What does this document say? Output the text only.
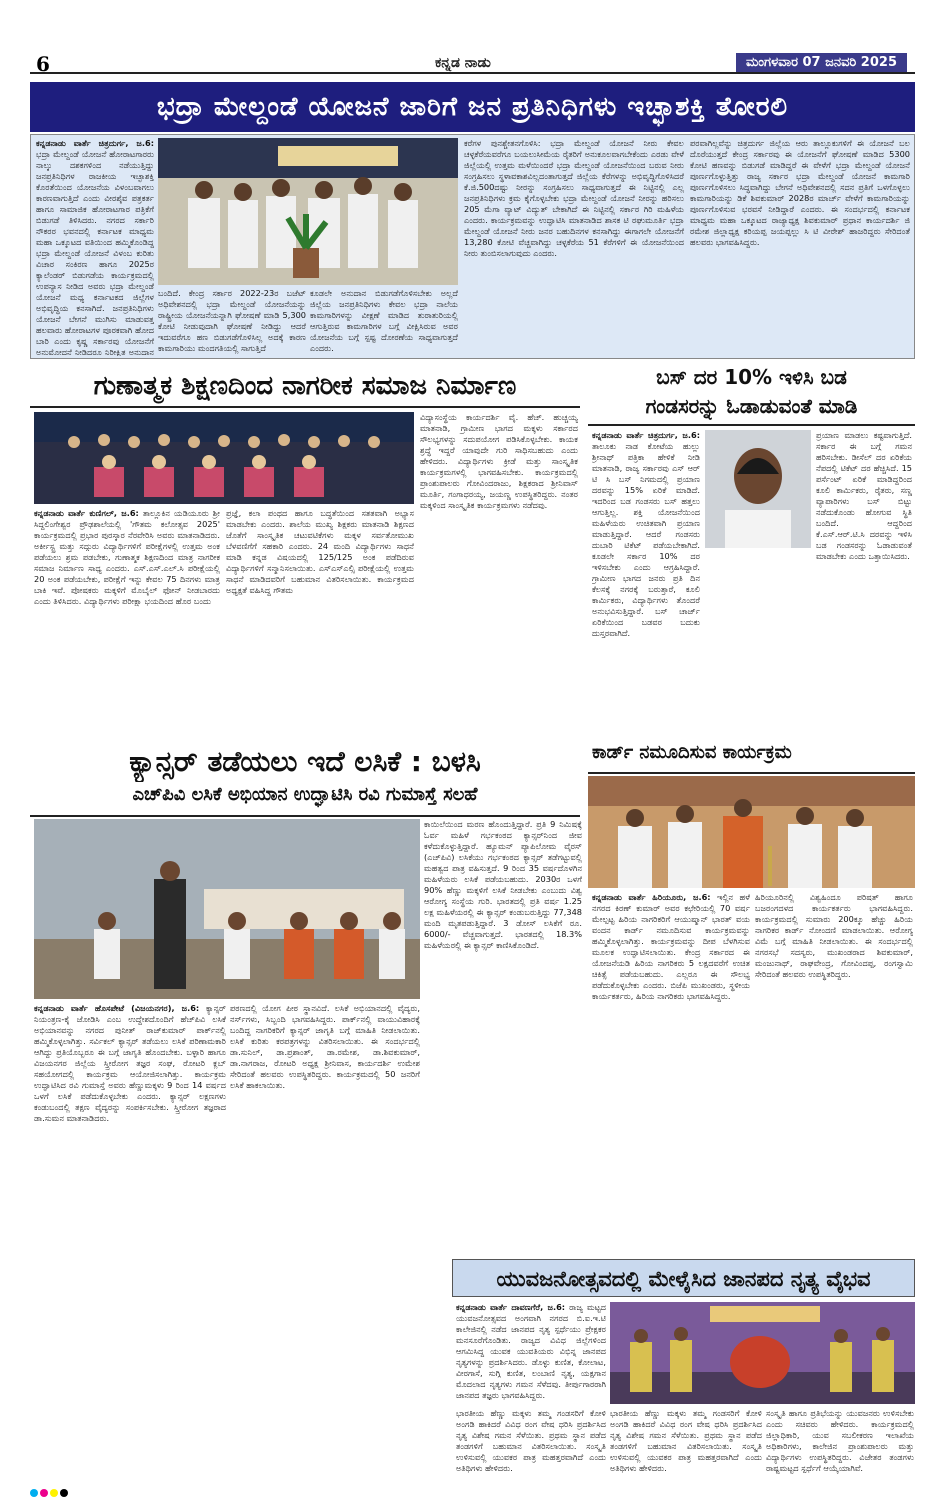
6	ಕನ್ನಡ ನಾಡು	ಮಂಗಳವಾರ 07 ಜನವರಿ 2025
ಭದ್ರಾ ಮೇಲ್ದಂಡೆ ಯೋಜನೆ ಜಾರಿಗೆ ಜನ ಪ್ರತಿನಿಧಿಗಳು ಇಚ್ಛಾಶಕ್ತಿ ತೋರಲಿ
ಕನ್ನಡನಾಡು ವಾರ್ತೆ ಚಿತ್ರದುರ್ಗ, ಜ.6: ಭದ್ರಾ ಮೇಲ್ದಂಡೆ ಯೋಜನೆ ಹೋರಾಟಗಾರರು ನಾಲ್ಕು ದಶಕಗಳಿಂದ ನಡೆಯುತ್ತಿದ್ದು ಜನಪ್ರತಿನಿಧಿಗಳ ರಾಜಕೀಯ ಇಚ್ಛಾಶಕ್ತಿ ಕೊರತೆಯಿಂದ ಯೋಜನೆಯ ವಿಳಂಬವಾಗಲು ಕಾರಣವಾಗುತ್ತಿದೆ ಎಂದು ವೀರಶೈವ ಪತ್ರಕರ್ತ ಹಾಗೂ ಸಾಮಾಜಿಕ ಹೋರಾಟಗಾರ ಪತ್ರಿಕೆಗೆ ಬಿಡುಗಡೆ ತಿಳಿಸಿದರು. ನಗರದ ಸರ್ಕಾರಿ ನೌಕರರ ಭವನದಲ್ಲಿ ಕರ್ನಾಟಕ ಮಾಧ್ಯಮ ಮಹಾ ಒಕ್ಕೂಟದ ವತಿಯಿಂದ ಹಮ್ಮಿಕೊಂಡಿದ್ದ ಭದ್ರಾ ಮೇಲ್ದಂಡೆ ಯೋಜನೆ ವಿಳಂಬ ಕುರಿತು ವಿಚಾರ ಸಂಕಿರಣ ಹಾಗೂ 2025ರ ಕ್ಯಾಲೆಂಡರ್ ಬಿಡುಗಡೆಯ ಕಾರ್ಯಕ್ರಮದಲ್ಲಿ ಉಪನ್ಯಾಸ ನೀಡಿದ ಅವರು ಭದ್ರಾ ಮೇಲ್ದಂಡೆ ಯೋಜನೆ ಮಧ್ಯ ಕರ್ನಾಟಕದ ಜಿಲ್ಲೆಗಳ ಅಭಿವೃದ್ಧಿಯ ಕನಸಾಗಿದೆ. ಜನಪ್ರತಿನಿಧಿಗಳು ಯೋಜನೆ ಬೇಗನೆ ಮುಗಿಸು ಮಾಡುವತ್ತ ಹಲವಾರು ಹೋರಾಟಗಳ ಪೂರಕವಾಗಿ ಹೋದ ಬಾರಿ ಎಂದು ಕೃಷ್ಣ ಸರ್ಕಾರವು ಯೋಜನೆಗೆ ಅನುಮೋದನೆ ನೀಡಿದರೂ ನಿರೀಕ್ಷಿತ ಅನುದಾನ
ಬಂದಿದೆ. ಕೇಂದ್ರ ಸರ್ಕಾರ 2022-23ರ ಬಜೆಟ್ ಅಧಿವೇಶನದಲ್ಲಿ ಭದ್ರಾ ಮೇಲ್ದಂಡೆ ಯೋಜನೆಯನ್ನು ರಾಷ್ಟ್ರೀಯ ಯೋಜನೆಯನ್ನಾಗಿ ಘೋಷಣೆ ಮಾಡಿ 5,300 ಕೋಟಿ ನೀಡುವುದಾಗಿ ಘೋಷಣೆ ನೀಡಿದ್ದು ಆದರೆ ಇದುವರೆಗೂ ಹಣ ಬಿಡುಗಡೆಗೊಳಿಸಿಲ್ಲ ಅದಕ್ಕೆ ಕಾರಣ ಕಾಮಗಾರಿಯು ಮಂದಗತಿಯಲ್ಲಿ ಸಾಗುತ್ತಿದೆ
ಕೂಡಲೇ ಅನುದಾನ ಬಿಡುಗಡೆಗೊಳಿಸಬೇಕು ಅಲ್ಲದೆ ಜಿಲ್ಲೆಯ ಜನಪ್ರತಿನಿಧಿಗಳು ಕೇವಲ ಭದ್ರಾ ನಾಲೆಯ ಕಾಮಗಾರಿಗಳನ್ನು ವೀಕ್ಷಣೆ ಮಾಡಿದ ತುರಾತುರಿಯಲ್ಲಿ ಆಗುತ್ತಿರುವ ಕಾಮಗಾರಿಗಳ ಬಗ್ಗೆ ವೀಕ್ಷಿಸಿರುವ ಅವರ ಯೋಜನೆಯ ಬಗ್ಗೆ ಸ್ಪಷ್ಟ ದೋರಣೆಯ ಸಾಧ್ಯವಾಗುತ್ತದೆ ಎಂದರು.
ಕರೆಗಳ ಪುನಶ್ಚೇತನಗೊಳಿಸಿ: ಭದ್ರಾ ಮೇಲ್ದಂಡೆ ಯೋಜನೆ ನೀರು ಕೇವಲ ಚಳ್ಳಕೆರೆಯವರೆಗೂ ಬಯಲುಸೀಮೆಯ ರೈತರಿಗೆ ಅನುಕೂಲವಾಗಬೇಕೆಂದು ಎರಡು ವೇಳೆ ಜಿಲ್ಲೆಯಲ್ಲಿ ಉತ್ತಮ ಮಳೆಯಿಂದರೆ ಭದ್ರಾ ಮೇಲ್ದಂಡೆ ಯೋಜನೆಯಿಂದ ಬರುವ ನೀರು ಸಂಗ್ರಹಿಸಲು ಸ್ಥಳಾವಕಾಶವಿಲ್ಲದಂತಾಗುತ್ತದೆ ಜಿಲ್ಲೆಯ ಕೆರೆಗಳನ್ನು ಅಭಿವೃದ್ಧಿಗೊಳಿಸಿದರೆ ಕೆ.ಜಿ.500ದಷ್ಟು ನೀರನ್ನು ಸಂಗ್ರಹಿಸಲು ಸಾಧ್ಯವಾಗುತ್ತದೆ ಈ ನಿಟ್ಟಿನಲ್ಲಿ ಎಲ್ಲ ಜನಪ್ರತಿನಿಧಿಗಳು ಕ್ರಮ ಕೈಗೊಳ್ಳಬೇಕು ಭದ್ರಾ ಮೇಲ್ದಂಡೆ ಯೋಜನೆ ನೀರನ್ನು ಹರಿಸಲು 205 ಮೆಗಾ ವ್ಯಾಟ್ ವಿದ್ಯುತ್ ಬೇಕಾಗಿದೆ ಈ ನಿಟ್ಟಿನಲ್ಲಿ ಸರ್ಕಾರ ಗಿರಿ ಮಹಿಳೆಯ ಎಂದರು. ಕಾರ್ಯಕ್ರಮವನ್ನು ಉದ್ಘಾಟಿಸಿ ಮಾತನಾಡಿದ ಶಾಸಕ ಟಿ ರಘುಮೂರ್ತಿ ಭದ್ರಾ ಮೇಲ್ದಂಡೆ ಯೋಜನೆ ನೀರು ಜನರ ಬಹುದಿನಗಳ ಕನಸಾಗಿದ್ದು ಈಗಾಗಲೇ ಯೋಜನೆಗೆ 13,280 ಕೋಟಿ ವೆಚ್ಚವಾಗಿದ್ದು ಚಳ್ಳಕೆರೆಯ 51 ಕೆರೆಗಳಿಗೆ ಈ ಯೋಜನೆಯಿಂದ ನೀರು ತುಂಬಿಸಲಾಗುವುದು ಎಂದರು.
ಪರವಾಗಿಲ್ಲವೆನ್ನು ಚಿತ್ರದುರ್ಗ ಜಿಲ್ಲೆಯ ಆರು ತಾಲ್ಲೂಕುಗಳಿಗೆ ಈ ಯೋಜನೆ ಬಲ ದೊರೆಯುತ್ತದೆ ಕೇಂದ್ರ ಸರ್ಕಾರವು ಈ ಯೋಜನೆಗೆ ಘೋಷಣೆ ಮಾಡಿದ 5300 ಕೋಟಿ ಹಣವನ್ನು ಬಿಡುಗಡೆ ಮಾಡಿದ್ದರೆ ಈ ವೇಳೆಗೆ ಭದ್ರಾ ಮೇಲ್ದಂಡೆ ಯೋಜನೆ ಪೂರ್ಣಗೊಳ್ಳುತ್ತಿತ್ತು ರಾಜ್ಯ ಸರ್ಕಾರ ಭದ್ರಾ ಮೇಲ್ದಂಡೆ ಯೋಜನೆ ಕಾಮಗಾರಿ ಪೂರ್ಣಗೊಳಿಸಲು ಸಿದ್ಧವಾಗಿದ್ದು ಬೇಗನೆ ಅಧಿವೇಶನದಲ್ಲಿ ಸದನ ಪ್ರತಿಗೆ ಒಳಗೊಳ್ಳಲು ಕಾಮಗಾರಿಯನ್ನು ಡಿಕೆ ಶಿವಕುಮಾರ್ 2028ರ ಮಾರ್ಚ್ ವೇಳೆಗೆ ಕಾಮಗಾರಿಯನ್ನು ಪೂರ್ಣಗೊಳಿಸುವ ಭರವಸೆ ನೀಡಿದ್ದಾರೆ ಎಂದರು. ಈ ಸಂದರ್ಭದಲ್ಲಿ ಕರ್ನಾಟಕ ಮಾಧ್ಯಮ ಮಹಾ ಒಕ್ಕೂಟದ ರಾಜ್ಯಾಧ್ಯಕ್ಷ ಶಿವಕುಮಾರ್ ಪ್ರಧಾನ ಕಾರ್ಯದರ್ಶಿ ಜಿ ರಮೇಶ ಜಿಲ್ಲಾಧ್ಯಕ್ಷ ಕರಿಯಪ್ಪ ಜಯಪ್ಪಲ್ಲು ಸಿ ಟಿ ವೀರೇಶ್ ಹಾಜರಿದ್ದರು ಸೇರಿದಂತೆ ಹಲವರು ಭಾಗವಹಿಸಿದ್ದರು.
ಗುಣಾತ್ಮಕ ಶಿಕ್ಷಣದಿಂದ ನಾಗರೀಕ ಸಮಾಜ ನಿರ್ಮಾಣ
ಕನ್ನಡನಾಡು ವಾರ್ತೆ ಕುಣಿಗಲ್, ಜ.6: ತಾಲ್ಲೂಕಿನ ಯಡಿಯೂರು ಶ್ರೀ ಸಿದ್ದಲಿಂಗೇಶ್ವರ ಪ್ರೌಢಶಾಲೆಯಲ್ಲಿ 'ಗೌತಮ ಕಲೋತ್ಸವ 2025' ಕಾರ್ಯಕ್ರಮದಲ್ಲಿ ಪ್ರಭಾರ ಪುರಸ್ಕಾರ ನೆರವೇರಿಸಿ ಅವರು ಮಾತನಾಡಿದರು. ಅರ್ಕೀಸ್ಟ್ರ ಮತ್ತು ಸದ್ಗುರು ವಿದ್ಯಾರ್ಥಿಗಳಿಗೆ ಪರೀಕ್ಷೆಗಳಲ್ಲಿ ಉತ್ತಮ ಅಂಕ ಪಡೆಯಲು ಶ್ರಮ ಪಡಬೇಕು, ಗುಣಾತ್ಮಕ ಶಿಕ್ಷಣದಿಂದ ಮಾತ್ರ ನಾಗರೀಕ ಸಮಾಜ ನಿರ್ಮಾಣ ಸಾಧ್ಯ ಎಂದರು. ಎಸ್.ಎಸ್.ಎಲ್.ಸಿ ಪರೀಕ್ಷೆಯಲ್ಲಿ 20 ಅಂಕ ಪಡೆಯಬೇಕು, ಪರೀಕ್ಷೆಗೆ ಇನ್ನು ಕೇವಲ 75 ದಿನಗಳು ಮಾತ್ರ ಬಾಕಿ ಇವೆ. ಪೋಷಕರು ಮಕ್ಕಳಿಗೆ ಮೊಬೈಲ್ ಫೋನ್ ನೀಡಬಾರದು ಎಂದು ತಿಳಿಸಿದರು. ವಿದ್ಯಾರ್ಥಿಗಳು ಪರೀಕ್ಷಾ ಭಯದಿಂದ ಹೊರ ಬಂದು
ಪ್ರಜ್ಞೆ, ಕಲಾ ಪಂಥದ ಹಾಗೂ ಬದ್ಧತೆಯಿಂದ ಸತತವಾಗಿ ಅಭ್ಯಾಸ ಮಾಡಬೇಕು ಎಂದರು. ಶಾಲೆಯ ಮುಖ್ಯ ಶಿಕ್ಷಕರು ಮಾತನಾಡಿ ಶಿಕ್ಷಣದ ಜೊತೆಗೆ ಸಾಂಸ್ಕೃತಿಕ ಚಟುವಟಿಕೆಗಳು ಮಕ್ಕಳ ಸರ್ವತೋಮುಖ ಬೆಳವಣಿಗೆಗೆ ಸಹಕಾರಿ ಎಂದರು. 24 ಮಂದಿ ವಿದ್ಯಾರ್ಥಿಗಳು ಸಾಧನೆ ಮಾಡಿ ಕನ್ನಡ ವಿಷಯದಲ್ಲಿ 125/125 ಅಂಕ ಪಡೆದಿರುವ ವಿದ್ಯಾರ್ಥಿಗಳಿಗೆ ಸನ್ಮಾನಿಸಲಾಯಿತು. ಎಸ್ಎಸ್ಎಲ್ಸಿ ಪರೀಕ್ಷೆಯಲ್ಲಿ ಉತ್ತಮ ಸಾಧನೆ ಮಾಡಿದವರಿಗೆ ಬಹುಮಾನ ವಿತರಿಸಲಾಯಿತು. ಕಾರ್ಯಕ್ರಮದ ಅಧ್ಯಕ್ಷತೆ ವಹಿಸಿದ್ದ ಗೌತಮ
ವಿದ್ಯಾಸಂಸ್ಥೆಯ ಕಾರ್ಯದರ್ಶಿ ವೈ. ಹೆಚ್. ಹುಚ್ಚಯ್ಯ ಮಾತನಾಡಿ, ಗ್ರಾಮೀಣ ಭಾಗದ ಮಕ್ಕಳು ಸರ್ಕಾರದ ಸೌಲಭ್ಯಗಳನ್ನು ಸದುಪಯೋಗ ಪಡಿಸಿಕೊಳ್ಳಬೇಕು. ಕಾಯಕ ಶ್ರದ್ಧೆ ಇದ್ದರೆ ಯಾವುದೇ ಗುರಿ ಸಾಧಿಸಬಹುದು ಎಂದು ಹೇಳಿದರು. ವಿದ್ಯಾರ್ಥಿಗಳು ಕ್ರೀಡೆ ಮತ್ತು ಸಾಂಸ್ಕೃತಿಕ ಕಾರ್ಯಕ್ರಮಗಳಲ್ಲಿ ಭಾಗವಹಿಸಬೇಕು. ಕಾರ್ಯಕ್ರಮದಲ್ಲಿ ಪ್ರಾಂಶುಪಾಲರು ಗೋವಿಂದರಾಜು, ಶಿಕ್ಷಕರಾದ ಶ್ರೀನಿವಾಸ್ ಮೂರ್ತಿ, ಗಂಗಾಧರಯ್ಯ, ಜಯಣ್ಣ ಉಪಸ್ಥಿತರಿದ್ದರು. ನಂತರ ಮಕ್ಕಳಿಂದ ಸಾಂಸ್ಕೃತಿಕ ಕಾರ್ಯಕ್ರಮಗಳು ನಡೆದವು.
ಬಸ್ ದರ 10% ಇಳಿಸಿ ಬಡ
ಗಂಡಸರನ್ನು ಓಡಾಡುವಂತೆ ಮಾಡಿ
ಕನ್ನಡನಾಡು ವಾರ್ತೆ ಚಿತ್ರದುರ್ಗ, ಜ.6: ತಾಲೂಕು ನಾಡ ಕೋಟೆಯ ಹುಲ್ಲು ಶ್ರೀನಾಥ್ ಪತ್ರಿಕಾ ಹೇಳಿಕೆ ನೀಡಿ ಮಾತನಾಡಿ, ರಾಜ್ಯ ಸರ್ಕಾರವು ಎಸ್ ಆರ್ ಟಿ ಸಿ ಬಸ್ ನಿಗಮದಲ್ಲಿ ಪ್ರಯಾಣ ದರವನ್ನು 15% ಏರಿಕೆ ಮಾಡಿದೆ. ಇದರಿಂದ ಬಡ ಗಂಡಸರು ಬಸ್ ಹತ್ತಲು ಆಗುತ್ತಿಲ್ಲ. ಶಕ್ತಿ ಯೋಜನೆಯಿಂದ ಮಹಿಳೆಯರು ಉಚಿತವಾಗಿ ಪ್ರಯಾಣ ಮಾಡುತ್ತಿದ್ದಾರೆ. ಆದರೆ ಗಂಡಸರು ದುಬಾರಿ ಟಿಕೆಟ್ ಪಡೆಯಬೇಕಾಗಿದೆ. ಕೂಡಲೇ ಸರ್ಕಾರ 10% ದರ ಇಳಿಸಬೇಕು ಎಂದು ಆಗ್ರಹಿಸಿದ್ದಾರೆ. ಗ್ರಾಮೀಣ ಭಾಗದ ಜನರು ಪ್ರತಿ ದಿನ ಕೆಲಸಕ್ಕೆ ನಗರಕ್ಕೆ ಬರುತ್ತಾರೆ, ಕೂಲಿ ಕಾರ್ಮಿಕರು, ವಿದ್ಯಾರ್ಥಿಗಳು ತೊಂದರೆ ಅನುಭವಿಸುತ್ತಿದ್ದಾರೆ. ಬಸ್ ಚಾರ್ಜ್ ಏರಿಕೆಯಿಂದ ಬಡವರ ಬದುಕು ದುಸ್ತರವಾಗಿದೆ.
ಪ್ರಯಾಣ ಮಾಡಲು ಕಷ್ಟವಾಗುತ್ತಿದೆ. ಸರ್ಕಾರ ಈ ಬಗ್ಗೆ ಗಮನ ಹರಿಸಬೇಕು. ಡೀಸೆಲ್ ದರ ಏರಿಕೆಯ ನೆಪದಲ್ಲಿ ಟಿಕೆಟ್ ದರ ಹೆಚ್ಚಿಸಿದೆ. 15 ಪರ್ಸೆಂಟ್ ಏರಿಕೆ ಮಾಡಿದ್ದರಿಂದ ಕೂಲಿ ಕಾರ್ಮಿಕರು, ರೈತರು, ಸಣ್ಣ ವ್ಯಾಪಾರಿಗಳು ಬಸ್ ಬಿಟ್ಟು ನಡೆದುಕೊಂಡು ಹೋಗುವ ಸ್ಥಿತಿ ಬಂದಿದೆ. ಆದ್ದರಿಂದ ಕೆ.ಎಸ್.ಆರ್.ಟಿ.ಸಿ ದರವನ್ನು ಇಳಿಸಿ ಬಡ ಗಂಡಸರನ್ನು ಓಡಾಡುವಂತೆ ಮಾಡಬೇಕು ಎಂದು ಒತ್ತಾಯಿಸಿದರು.
ಕಾರ್ಡ್ ನಮೂದಿಸುವ ಕಾರ್ಯಕ್ರಮ
ಕನ್ನಡನಾಡು ವಾರ್ತೆ ಹಿರಿಯೂರು, ಜ.6: ಇಲ್ಲಿನ ಹಳೆ ನಗರದ ಕಿರಣ್ ಕುಮಾರ್ ಅವರ ಕಛೇರಿಯಲ್ಲಿ 70 ವರ್ಷ ಮೇಲ್ಪಟ್ಟ ಹಿರಿಯ ನಾಗರಿಕರಿಗೆ ಆಯುಷ್ಮಾನ್ ಭಾರತ್ ವಯ ವಂದನ ಕಾರ್ಡ್ ನಮೂದಿಸುವ ಕಾರ್ಯಕ್ರಮವನ್ನು ಹಮ್ಮಿಕೊಳ್ಳಲಾಗಿತ್ತು. ಕಾರ್ಯಕ್ರಮವನ್ನು ದೀಪ ಬೆಳಗಿಸುವ ಮೂಲಕ ಉದ್ಘಾಟಿಸಲಾಯಿತು. ಕೇಂದ್ರ ಸರ್ಕಾರದ ಈ ಯೋಜನೆಯಡಿ ಹಿರಿಯ ನಾಗರಿಕರು 5 ಲಕ್ಷದವರೆಗೆ ಉಚಿತ ಚಿಕಿತ್ಸೆ ಪಡೆಯಬಹುದು. ಎಲ್ಲರೂ ಈ ಸೌಲಭ್ಯ ಪಡೆದುಕೊಳ್ಳಬೇಕು ಎಂದರು. ಬಿಜೆಪಿ ಮುಖಂಡರು, ಸ್ಥಳೀಯ ಕಾರ್ಯಕರ್ತರು, ಹಿರಿಯ ನಾಗರಿಕರು ಭಾಗವಹಿಸಿದ್ದರು.
ಹಿರಿಯೂರಿನಲ್ಲಿ ವಿಶ್ವಹಿಂದೂ ಪರಿಷತ್ ಹಾಗೂ ಬಜರಂಗದಳದ ಕಾರ್ಯಕರ್ತರು ಭಾಗವಹಿಸಿದ್ದರು. ಕಾರ್ಯಕ್ರಮದಲ್ಲಿ ಸುಮಾರು 200ಕ್ಕೂ ಹೆಚ್ಚು ಹಿರಿಯ ನಾಗರಿಕರ ಕಾರ್ಡ್ ನೋಂದಣಿ ಮಾಡಲಾಯಿತು. ಆರೋಗ್ಯ ವಿಮೆ ಬಗ್ಗೆ ಮಾಹಿತಿ ನೀಡಲಾಯಿತು. ಈ ಸಂದರ್ಭದಲ್ಲಿ ನಗರಸಭೆ ಸದಸ್ಯರು, ಮುಖಂಡರಾದ ಶಿವಕುಮಾರ್, ಮಂಜುನಾಥ್, ರಾಘವೇಂದ್ರ, ಗೋವಿಂದಪ್ಪ, ರಂಗಸ್ವಾಮಿ ಸೇರಿದಂತೆ ಹಲವರು ಉಪಸ್ಥಿತರಿದ್ದರು.
ಕ್ಯಾನ್ಸರ್ ತಡೆಯಲು ಇದೆ ಲಸಿಕೆ : ಬಳಸಿ
ಎಚ್‌ಪಿವಿ ಲಸಿಕೆ ಅಭಿಯಾನ ಉದ್ಘಾಟಿಸಿ ರವಿ ಗುಮಾಸ್ತೆ ಸಲಹೆ
ಕನ್ನಡನಾಡು ವಾರ್ತೆ ಹೊಸಪೇಟೆ (ವಿಜಯನಗರ), ಜ.6: ಕ್ಯಾನ್ಸರ್ ನಿಯಂತ್ರಣ-ಕೈ ಜೋಡಿಸಿ ಎಂಬ ಉದ್ದೇಶದೊಂದಿಗೆ ಹೆಚ್‌ಪಿವಿ ಲಸಿಕೆ ಅಭಿಯಾನವನ್ನು ನಗರದ ಪುನೀತ್ ರಾಜ್‌ಕುಮಾರ್ ಪಾರ್ಕ್‌ನಲ್ಲಿ ಹಮ್ಮಿಕೊಳ್ಳಲಾಗಿತ್ತು. ಸರ್ವಿಕಲ್ ಕ್ಯಾನ್ಸರ್ ತಡೆಯಲು ಲಸಿಕೆ ಪರಿಣಾಮಕಾರಿ ಆಗಿದ್ದು ಪ್ರತಿಯೊಬ್ಬರೂ ಈ ಬಗ್ಗೆ ಜಾಗೃತಿ ಹೊಂದಬೇಕು. ಬಳ್ಳಾರಿ ಹಾಗೂ ವಿಜಯನಗರ ಜಿಲ್ಲೆಯ ಸ್ತ್ರೀರೋಗ ತಜ್ಞರ ಸಂಘ, ರೋಟರಿ ಕ್ಲಬ್ ಸಹಯೋಗದಲ್ಲಿ ಕಾರ್ಯಕ್ರಮ ಆಯೋಜಿಸಲಾಗಿತ್ತು. ಕಾರ್ಯಕ್ರಮ ಉದ್ಘಾಟಿಸಿದ ರವಿ ಗುಮಾಸ್ತೆ ಅವರು ಹೆಣ್ಣುಮಕ್ಕಳು 9 ರಿಂದ 14 ವರ್ಷದ ಒಳಗೆ ಲಸಿಕೆ ಪಡೆದುಕೊಳ್ಳಬೇಕು ಎಂದರು. ಕ್ಯಾನ್ಸರ್ ಲಕ್ಷಣಗಳು ಕಂಡುಬಂದಲ್ಲಿ ತಕ್ಷಣ ವೈದ್ಯರನ್ನು ಸಂಪರ್ಕಿಸಬೇಕು. ಸ್ತ್ರೀರೋಗ ತಜ್ಞರಾದ ಡಾ.ಸುಮನ ಮಾತನಾಡಿದರು.
ಪಠಣದಲ್ಲಿ ಯೋಗ ಪೀಠ ಸ್ಥಾನವಿದೆ. ಲಸಿಕೆ ಅಭಿಯಾನದಲ್ಲಿ ವೈದ್ಯರು, ನರ್ಸ್‌ಗಳು, ಸಿಬ್ಬಂದಿ ಭಾಗವಹಿಸಿದ್ದರು. ಪಾರ್ಕ್‌ನಲ್ಲಿ ವಾಯುವಿಹಾರಕ್ಕೆ ಬಂದಿದ್ದ ನಾಗರಿಕರಿಗೆ ಕ್ಯಾನ್ಸರ್ ಜಾಗೃತಿ ಬಗ್ಗೆ ಮಾಹಿತಿ ನೀಡಲಾಯಿತು. ಲಸಿಕೆ ಕುರಿತು ಕರಪತ್ರಗಳನ್ನು ವಿತರಿಸಲಾಯಿತು. ಈ ಸಂದರ್ಭದಲ್ಲಿ ಡಾ.ಸುನಿಲ್, ಡಾ.ಪ್ರಶಾಂತ್, ಡಾ.ರಮೇಶ, ಡಾ.ಶಿವಕುಮಾರ್, ಡಾ.ನಾಗರಾಜ, ರೋಟರಿ ಅಧ್ಯಕ್ಷ ಶ್ರೀನಿವಾಸ, ಕಾರ್ಯದರ್ಶಿ ಉಮೇಶ ಸೇರಿದಂತೆ ಹಲವರು ಉಪಸ್ಥಿತರಿದ್ದರು. ಕಾರ್ಯಕ್ರಮದಲ್ಲಿ 50 ಜನರಿಗೆ ಲಸಿಕೆ ಹಾಕಲಾಯಿತು.
ಕಾಯಿಲೆಯಿಂದ ಮರಣ ಹೊಂದುತ್ತಿದ್ದಾರೆ. ಪ್ರತಿ 9 ನಿಮಿಷಕ್ಕೆ ಓರ್ವ ಮಹಿಳೆ ಗರ್ಭಕಂಠದ ಕ್ಯಾನ್ಸರ್‌ನಿಂದ ಜೀವ ಕಳೆದುಕೊಳ್ಳುತ್ತಿದ್ದಾರೆ. ಹ್ಯೂಮನ್ ಪ್ಯಾಪಿಲೋಮ ವೈರಸ್ (ಎಚ್‌ಪಿವಿ) ಲಸಿಕೆಯು ಗರ್ಭಕಂಠದ ಕ್ಯಾನ್ಸರ್ ತಡೆಗಟ್ಟುವಲ್ಲಿ ಮಹತ್ವದ ಪಾತ್ರ ವಹಿಸುತ್ತದೆ. 9 ರಿಂದ 35 ವರ್ಷದೊಳಗಿನ ಮಹಿಳೆಯರು ಲಸಿಕೆ ಪಡೆಯಬಹುದು. 2030ರ ಒಳಗೆ 90% ಹೆಣ್ಣು ಮಕ್ಕಳಿಗೆ ಲಸಿಕೆ ನೀಡಬೇಕು ಎಂಬುದು ವಿಶ್ವ ಆರೋಗ್ಯ ಸಂಸ್ಥೆಯ ಗುರಿ. ಭಾರತದಲ್ಲಿ ಪ್ರತಿ ವರ್ಷ 1.25 ಲಕ್ಷ ಮಹಿಳೆಯರಲ್ಲಿ ಈ ಕ್ಯಾನ್ಸರ್ ಕಂಡುಬರುತ್ತಿದ್ದು 77,348 ಮಂದಿ ಮೃತಪಡುತ್ತಿದ್ದಾರೆ. 3 ಡೋಸ್ ಲಸಿಕೆಗೆ ರೂ. 6000/- ವೆಚ್ಚವಾಗುತ್ತದೆ. ಭಾರತದಲ್ಲಿ 18.3% ಮಹಿಳೆಯರಲ್ಲಿ ಈ ಕ್ಯಾನ್ಸರ್ ಕಾಣಿಸಿಕೊಂಡಿದೆ.
ಯುವಜನೋತ್ಸವದಲ್ಲಿ ಮೇಳೈಸಿದ ಜಾನಪದ ನೃತ್ಯ ವೈಭವ
ಕನ್ನಡನಾಡು ವಾರ್ತೆ ದಾವಣಗೆರೆ, ಜ.6: ರಾಜ್ಯ ಮಟ್ಟದ ಯುವಜನೋತ್ಸವದ ಅಂಗವಾಗಿ ನಗರದ ಬಿ.ಐ.ಇ.ಟಿ ಕಾಲೇಜಿನಲ್ಲಿ ನಡೆದ ಜಾನಪದ ನೃತ್ಯ ಸ್ಪರ್ಧೆಯು ಪ್ರೇಕ್ಷಕರ ಮನಸೂರೆಗೊಂಡಿತು. ರಾಜ್ಯದ ವಿವಿಧ ಜಿಲ್ಲೆಗಳಿಂದ ಆಗಮಿಸಿದ್ದ ಯುವಕ ಯುವತಿಯರು ವಿಭಿನ್ನ ಜಾನಪದ ನೃತ್ಯಗಳನ್ನು ಪ್ರದರ್ಶಿಸಿದರು. ಡೊಳ್ಳು ಕುಣಿತ, ಕೋಲಾಟ, ವೀರಗಾಸೆ, ಸುಗ್ಗಿ ಕುಣಿತ, ಲಂಬಾಣಿ ನೃತ್ಯ, ಯಕ್ಷಗಾನ ಮೊದಲಾದ ನೃತ್ಯಗಳು ಗಮನ ಸೆಳೆದವು. ತೀರ್ಪುಗಾರರಾಗಿ ಜಾನಪದ ತಜ್ಞರು ಭಾಗವಹಿಸಿದ್ದರು.
ಭಾರತೀಯ ಹೆಣ್ಣು ಮಕ್ಕಳು ತಮ್ಮ ಗಂಡಸರಿಗೆ ಕೋಳಿ ಅಂಗಡಿ ಹಾಕಿದರೆ ವಿವಿಧ ರಂಗ ವೇಷ ಧರಿಸಿ ಪ್ರದರ್ಶಿಸಿದ ನೃತ್ಯ ವಿಶೇಷ ಗಮನ ಸೆಳೆಯಿತು. ಪ್ರಥಮ ಸ್ಥಾನ ಪಡೆದ ತಂಡಗಳಿಗೆ ಬಹುಮಾನ ವಿತರಿಸಲಾಯಿತು. ಸಂಸ್ಕೃತಿ ಉಳಿಸುವಲ್ಲಿ ಯುವಕರ ಪಾತ್ರ ಮಹತ್ತರವಾಗಿದೆ ಎಂದು ಅತಿಥಿಗಳು ಹೇಳಿದರು.
ಭಾರತೀಯ ಹೆಣ್ಣು ಮಕ್ಕಳು ತಮ್ಮ ಗಂಡಸರಿಗೆ ಕೋಳಿ ಅಂಗಡಿ ಹಾಕಿದರೆ ವಿವಿಧ ರಂಗ ವೇಷ ಧರಿಸಿ ಪ್ರದರ್ಶಿಸಿದ ನೃತ್ಯ ವಿಶೇಷ ಗಮನ ಸೆಳೆಯಿತು. ಪ್ರಥಮ ಸ್ಥಾನ ಪಡೆದ ತಂಡಗಳಿಗೆ ಬಹುಮಾನ ವಿತರಿಸಲಾಯಿತು. ಸಂಸ್ಕೃತಿ ಉಳಿಸುವಲ್ಲಿ ಯುವಕರ ಪಾತ್ರ ಮಹತ್ತರವಾಗಿದೆ ಎಂದು ಅತಿಥಿಗಳು ಹೇಳಿದರು.
ಸಂಸ್ಕೃತಿ ಹಾಗೂ ಪ್ರತಿಭೆಯನ್ನು ಯುವಜನರು ಉಳಿಸಬೇಕು ಎಂದು ಸಚಿವರು ಹೇಳಿದರು. ಕಾರ್ಯಕ್ರಮದಲ್ಲಿ ಜಿಲ್ಲಾಧಿಕಾರಿ, ಯುವ ಸಬಲೀಕರಣ ಇಲಾಖೆಯ ಅಧಿಕಾರಿಗಳು, ಕಾಲೇಜಿನ ಪ್ರಾಂಶುಪಾಲರು ಮತ್ತು ವಿದ್ಯಾರ್ಥಿಗಳು ಉಪಸ್ಥಿತರಿದ್ದರು. ವಿಜೇತರ ತಂಡಗಳು ರಾಷ್ಟ್ರಮಟ್ಟದ ಸ್ಪರ್ಧೆಗೆ ಆಯ್ಕೆಯಾಗಿವೆ.
